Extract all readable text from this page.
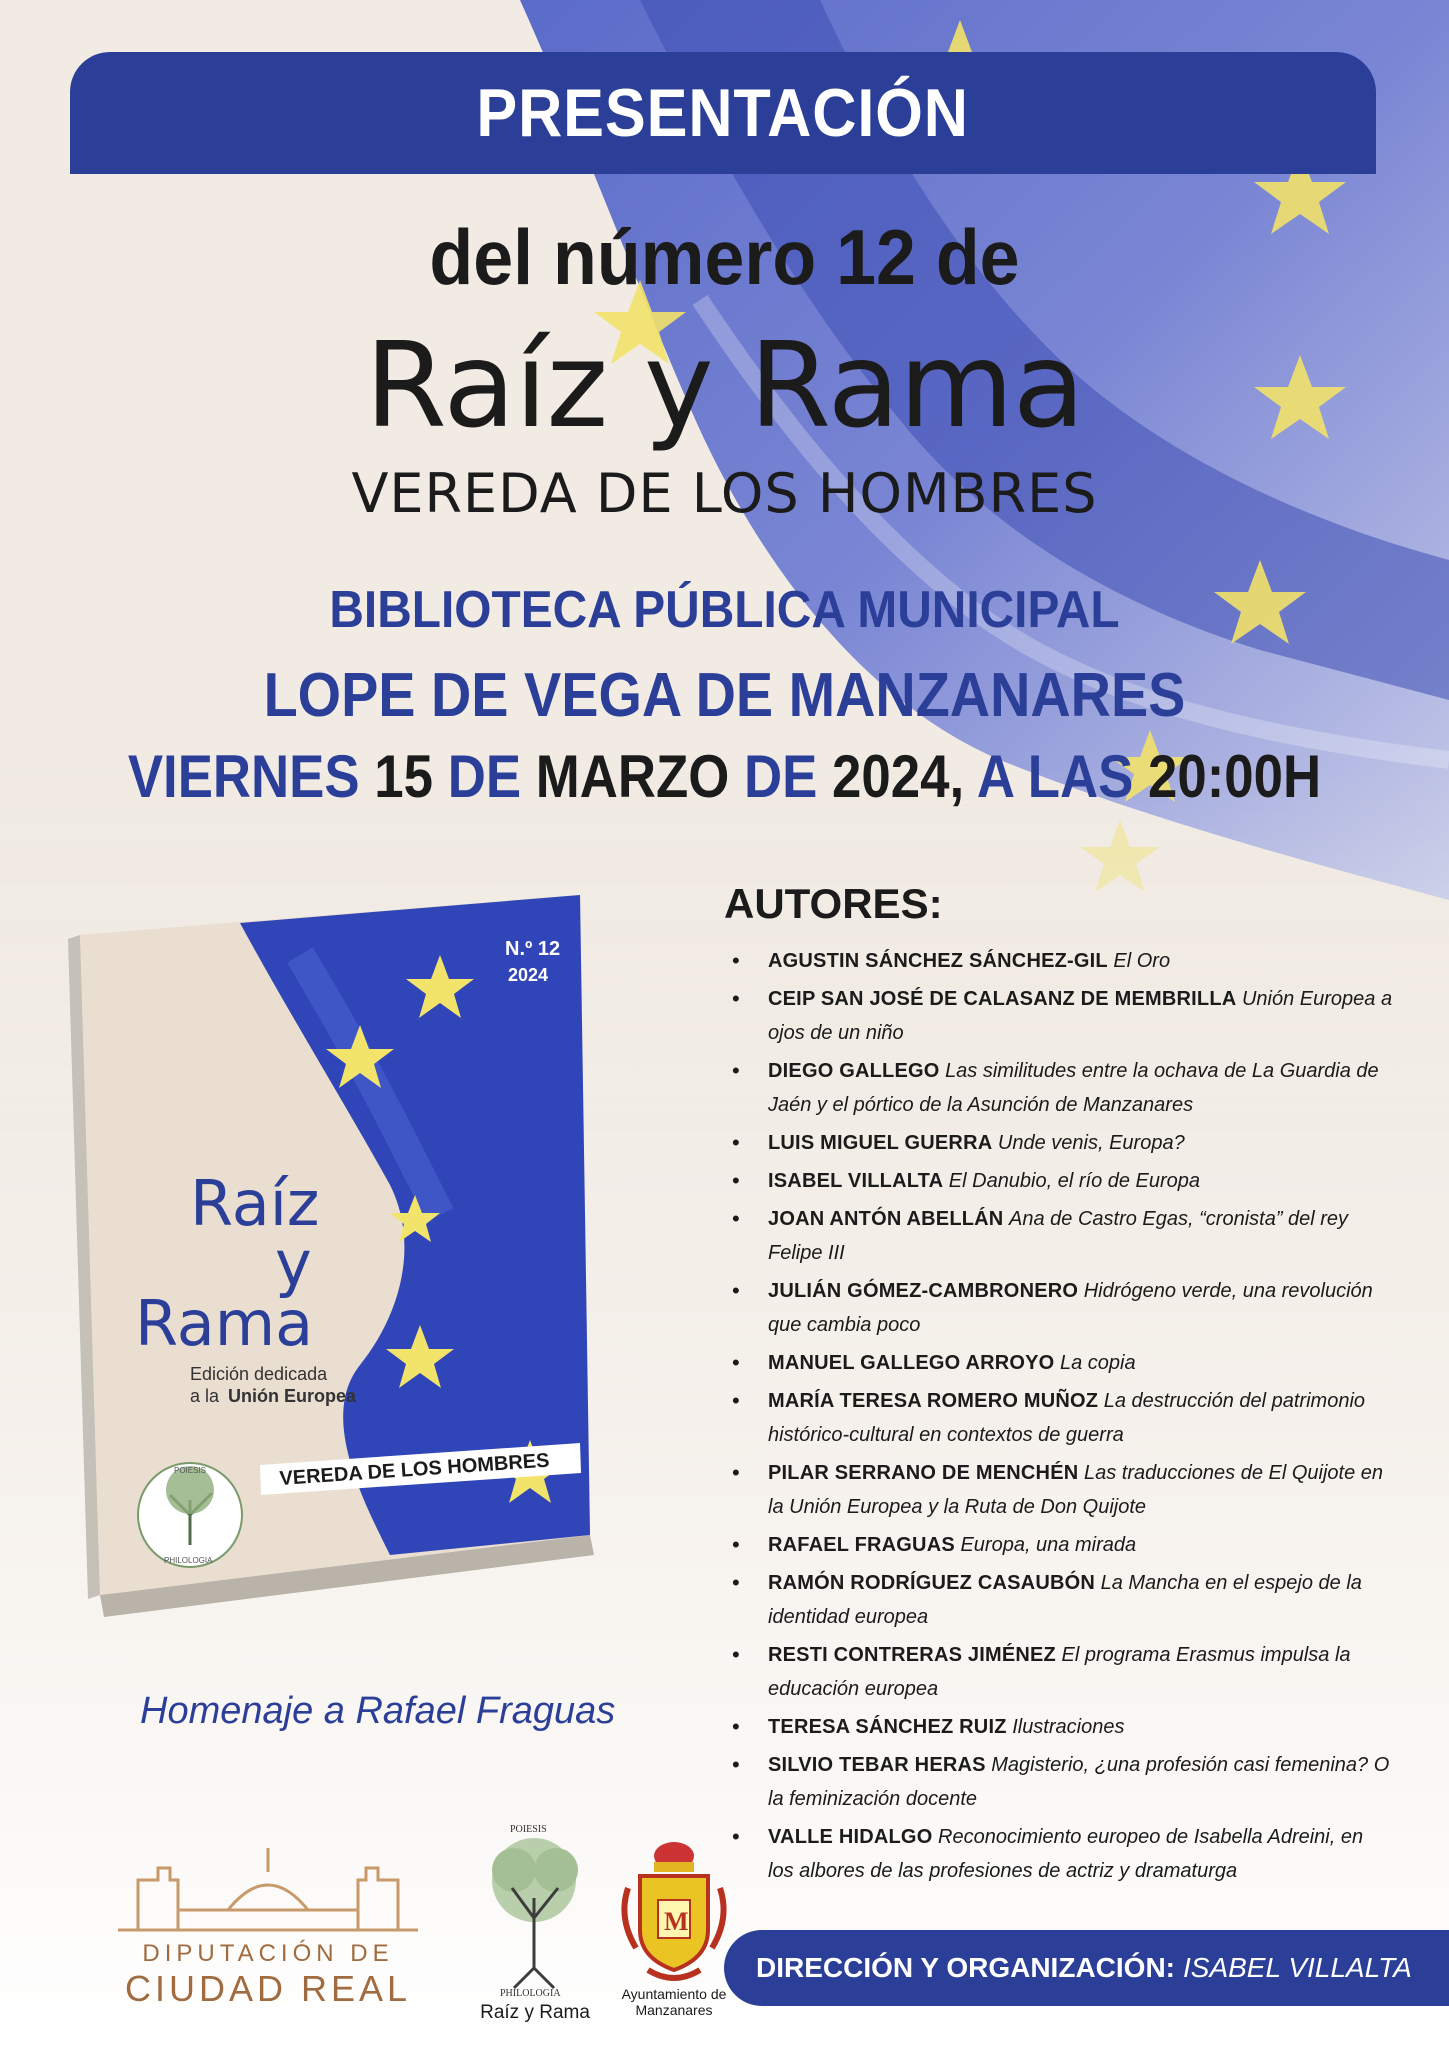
PRESENTACIÓN
del número 12 de
Raíz y Rama
VEREDA DE LOS HOMBRES
BIBLIOTECA PÚBLICA MUNICIPAL
LOPE DE VEGA DE MANZANARES
VIERNES 15 DE MARZO DE 2024, A LAS 20:00H
N.º 12
2024
Raíz
y
Rama
Edición dedicada
a la Unión Europea
VEREDA DE LOS HOMBRES
POIESIS
PHILOLOGIA
Homenaje a Rafael Fraguas
AUTORES:
• AGUSTIN SÁNCHEZ SÁNCHEZ-GIL El Oro
• CEIP SAN JOSÉ DE CALASANZ DE MEMBRILLA Unión Europea a ojos de un niño
• DIEGO GALLEGO Las similitudes entre la ochava de La Guardia de Jaén y el pórtico de la Asunción de Manzanares
• LUIS MIGUEL GUERRA Unde venis, Europa?
• ISABEL VILLALTA El Danubio, el río de Europa
• JOAN ANTÓN ABELLÁN Ana de Castro Egas, “cronista” del rey Felipe III
• JULIÁN GÓMEZ-CAMBRONERO Hidrógeno verde, una revolución que cambia poco
• MANUEL GALLEGO ARROYO La copia
• MARÍA TERESA ROMERO MUÑOZ La destrucción del patrimonio histórico-cultural en contextos de guerra
• PILAR SERRANO DE MENCHÉN Las traducciones de El Quijote en la Unión Europea y la Ruta de Don Quijote
• RAFAEL FRAGUAS Europa, una mirada
• RAMÓN RODRÍGUEZ CASAUBÓN La Mancha en el espejo de la identidad europea
• RESTI CONTRERAS JIMÉNEZ El programa Erasmus impulsa la educación europea
• TERESA SÁNCHEZ RUIZ Ilustraciones
• SILVIO TEBAR HERAS Magisterio, ¿una profesión casi femenina? O la feminización docente
• VALLE HIDALGO Reconocimiento europeo de Isabella Adreini, en los albores de las profesiones de actriz y dramaturga
DIPUTACIÓN DE
CIUDAD REAL
POIESIS
PHILOLOGIA
Raíz y Rama
M
Ayuntamiento de
Manzanares
DIRECCIÓN Y ORGANIZACIÓN: ISABEL VILLALTA
